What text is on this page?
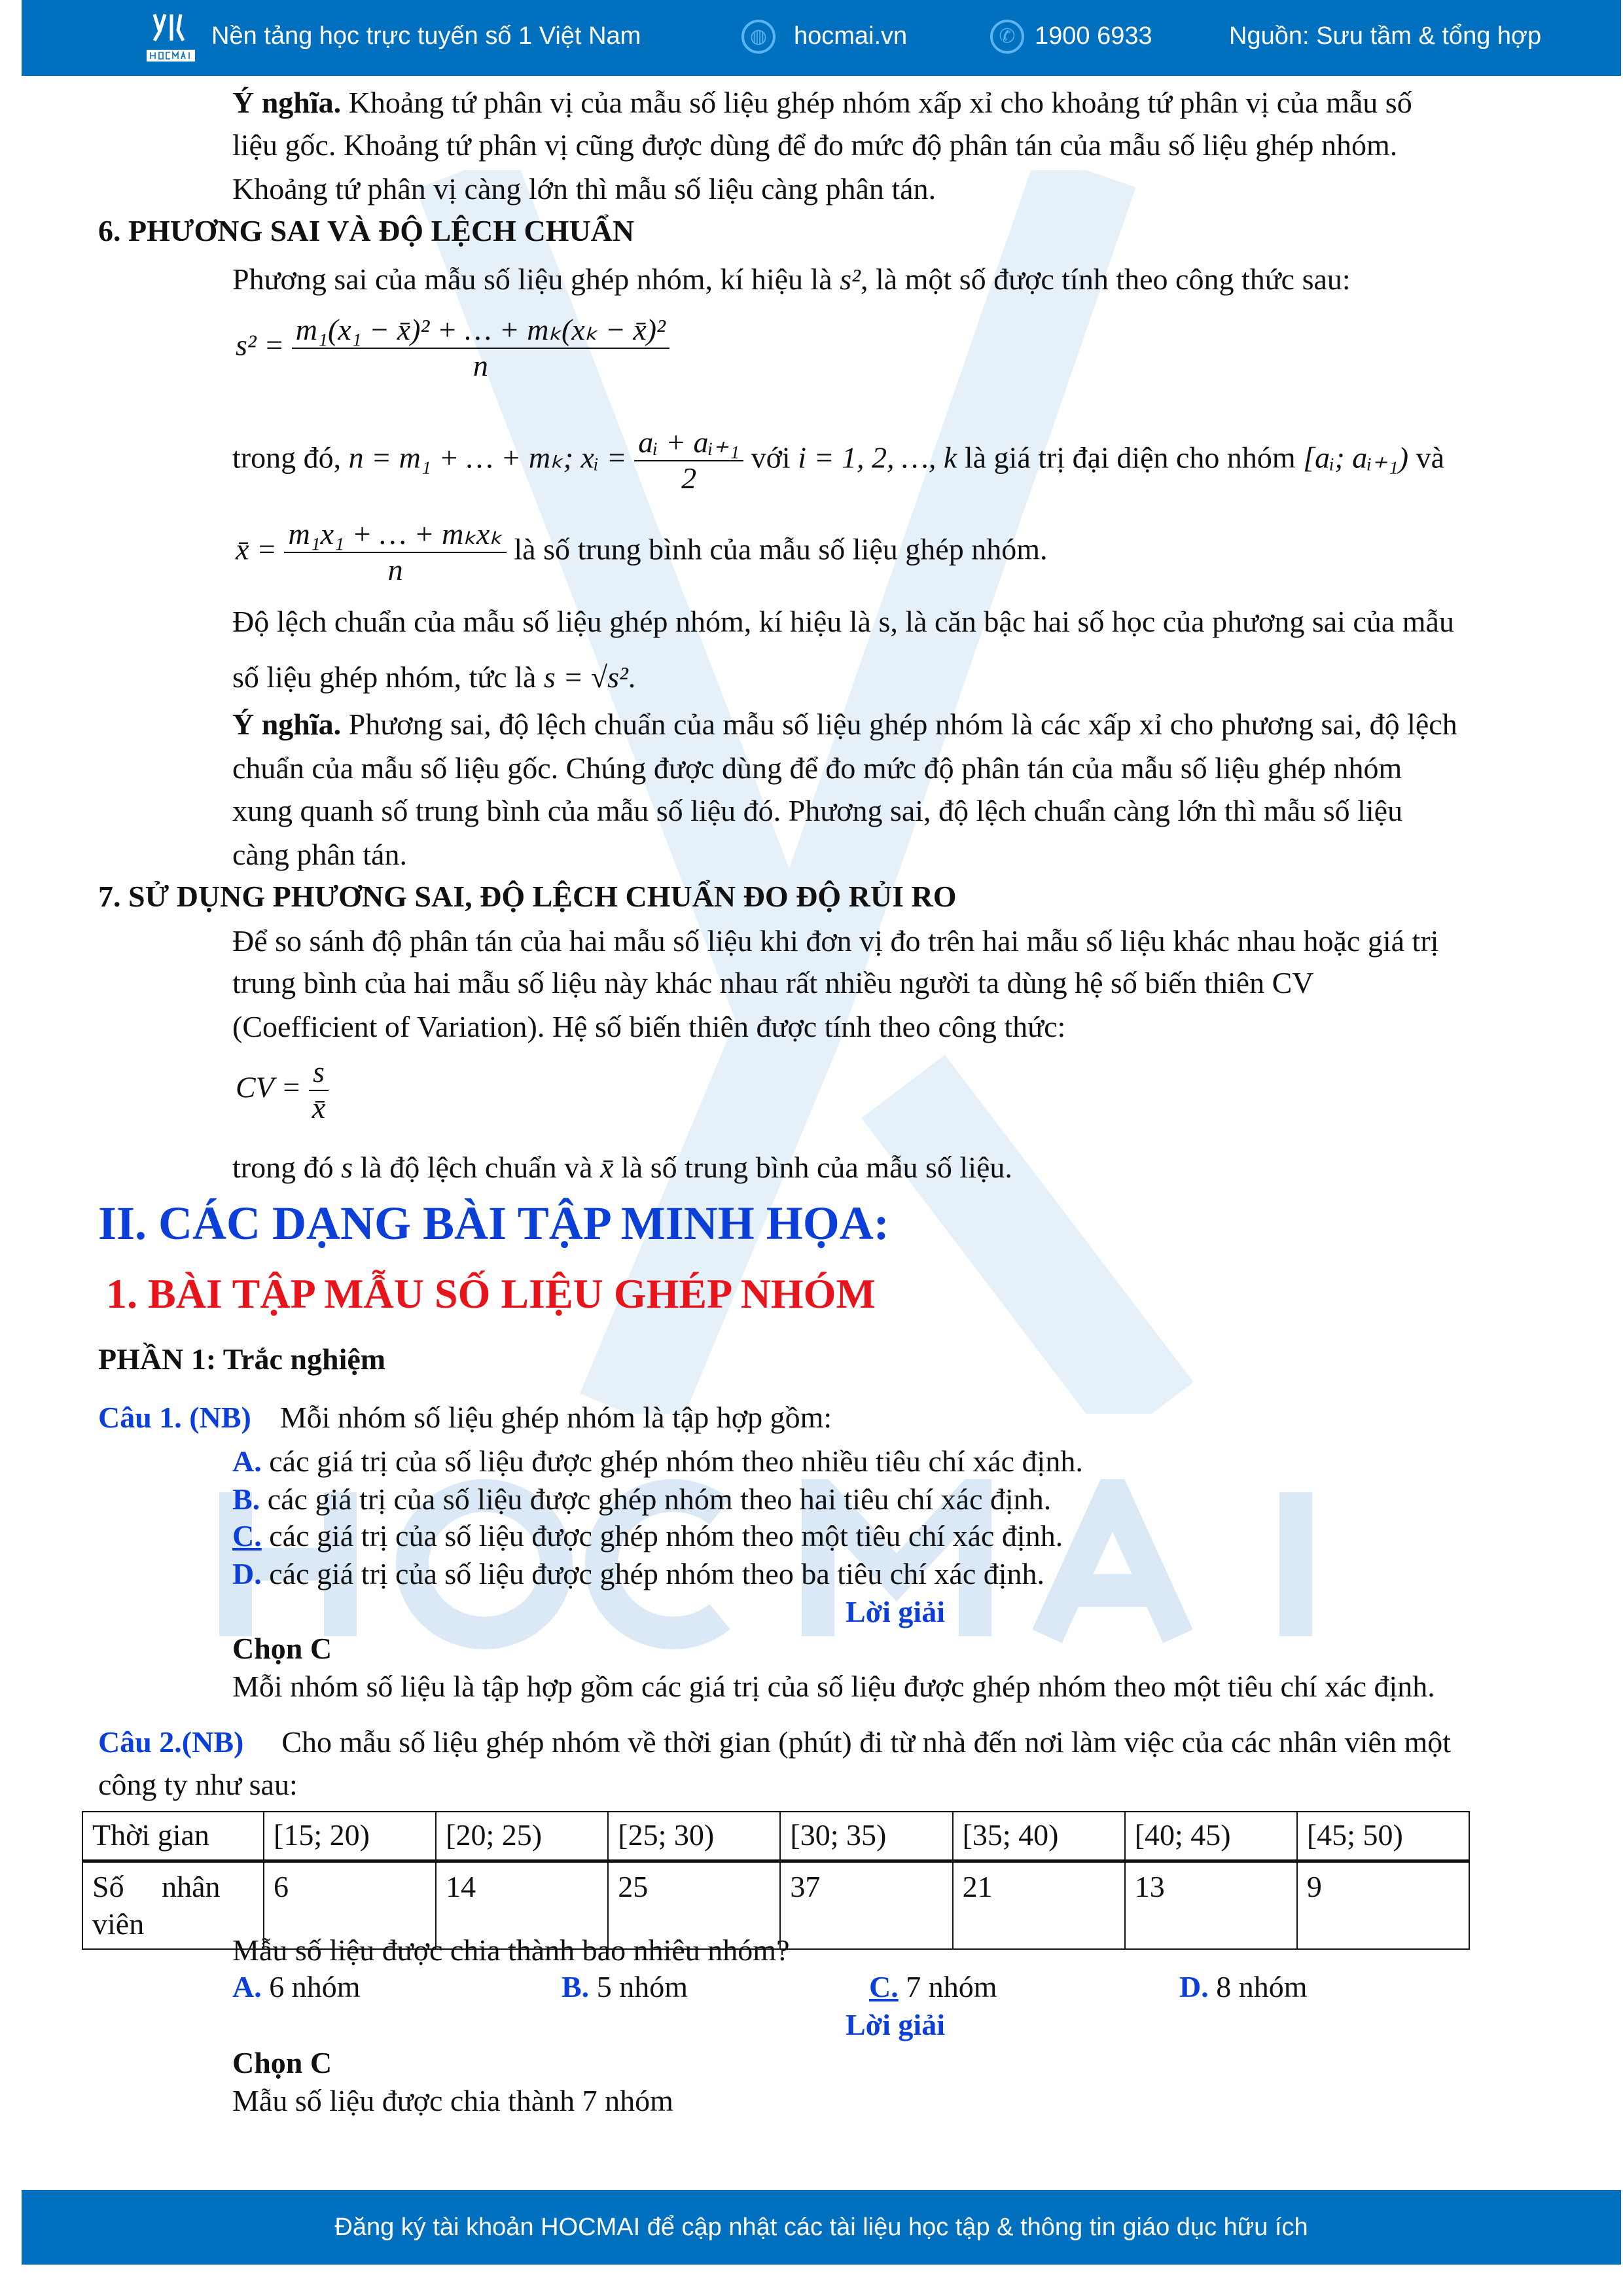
Nền tảng học trực tuyến số 1 Việt Nam	◍	hocmai.vn	✆ 1900 6933	Nguồn: Sưu tầm & tổng hợp
Ý nghĩa. Khoảng tứ phân vị của mẫu số liệu ghép nhóm xấp xỉ cho khoảng tứ phân vị của mẫu số
liệu gốc. Khoảng tứ phân vị cũng được dùng để đo mức độ phân tán của mẫu số liệu ghép nhóm.
Khoảng tứ phân vị càng lớn thì mẫu số liệu càng phân tán.
6. PHƯƠNG SAI VÀ ĐỘ LỆCH CHUẨN
Phương sai của mẫu số liệu ghép nhóm, kí hiệu là s², là một số được tính theo công thức sau:
$s^2 = \frac{\text{m₁(x₁ − x̄)² + … + mₖ(xₖ − x̄)²}}{n}$
trong đó, n = m₁ + … + mₖ; xᵢ = $\frac{\text{aᵢ + aᵢ₊₁}}{2}$ với i = 1, 2, …, k là giá trị đại diện cho nhóm [aᵢ; aᵢ₊₁) và
x̄ = $\frac{\text{m₁x₁ + … + mₖxₖ}}{n}$ là số trung bình của mẫu số liệu ghép nhóm.
Độ lệch chuẩn của mẫu số liệu ghép nhóm, kí hiệu là s, là căn bậc hai số học của phương sai của mẫu
số liệu ghép nhóm, tức là s = √s².
Ý nghĩa. Phương sai, độ lệch chuẩn của mẫu số liệu ghép nhóm là các xấp xỉ cho phương sai, độ lệch
chuẩn của mẫu số liệu gốc. Chúng được dùng để đo mức độ phân tán của mẫu số liệu ghép nhóm
xung quanh số trung bình của mẫu số liệu đó. Phương sai, độ lệch chuẩn càng lớn thì mẫu số liệu
càng phân tán.
7. SỬ DỤNG PHƯƠNG SAI, ĐỘ LỆCH CHUẨN ĐO ĐỘ RỦI RO
Để so sánh độ phân tán của hai mẫu số liệu khi đơn vị đo trên hai mẫu số liệu khác nhau hoặc giá trị
trung bình của hai mẫu số liệu này khác nhau rất nhiều người ta dùng hệ số biến thiên CV
(Coefficient of Variation). Hệ số biến thiên được tính theo công thức:
CV = $\frac{s}{x̄}$
trong đó s là độ lệch chuẩn và x̄ là số trung bình của mẫu số liệu.
II. CÁC DẠNG BÀI TẬP MINH HỌA:
1. BÀI TẬP MẪU SỐ LIỆU GHÉP NHÓM
PHẦN 1: Trắc nghiệm
Câu 1. (NB) Mỗi nhóm số liệu ghép nhóm là tập hợp gồm:
A. các giá trị của số liệu được ghép nhóm theo nhiều tiêu chí xác định.
B. các giá trị của số liệu được ghép nhóm theo hai tiêu chí xác định.
C. các giá trị của số liệu được ghép nhóm theo một tiêu chí xác định.
D. các giá trị của số liệu được ghép nhóm theo ba tiêu chí xác định.
Lời giải
Chọn C
Mỗi nhóm số liệu là tập hợp gồm các giá trị của số liệu được ghép nhóm theo một tiêu chí xác định.
Câu 2.(NB) Cho mẫu số liệu ghép nhóm về thời gian (phút) đi từ nhà đến nơi làm việc của các nhân viên một
công ty như sau:
Thời gian	[15; 20)	[20; 25)	[25; 30)	[30; 35)	[35; 40)	[40; 45)	[45; 50)
Số     nhân viên	6	14	25	37	21	13	9
Mẫu số liệu được chia thành bao nhiêu nhóm?
A. 6 nhóm	B. 5 nhóm	C. 7 nhóm	D. 8 nhóm
Lời giải
Chọn C
Mẫu số liệu được chia thành 7 nhóm
Đăng ký tài khoản HOCMAI để cập nhật các tài liệu học tập & thông tin giáo dục hữu ích
